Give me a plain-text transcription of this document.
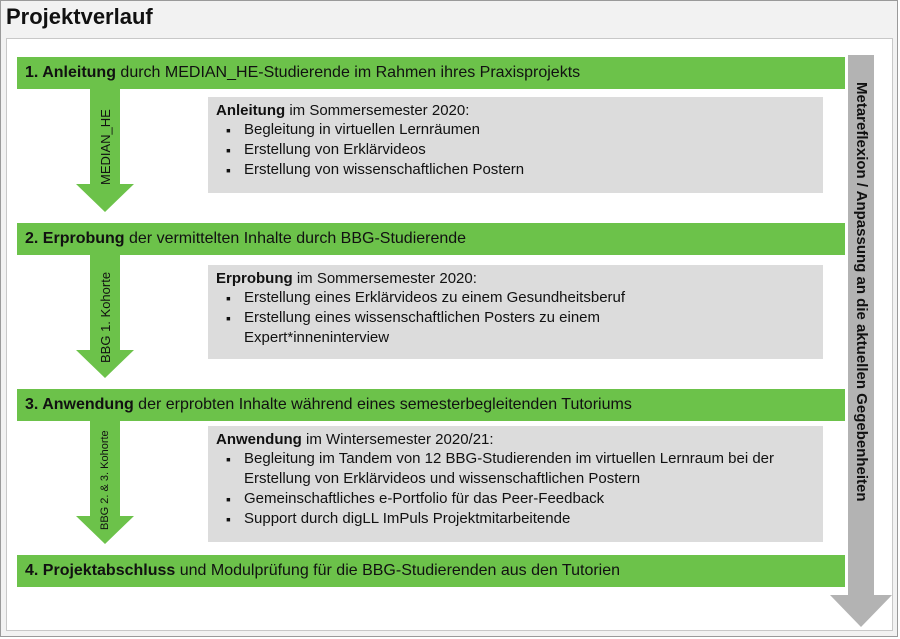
Projektverlauf
Metareflexion / Anpassung an die aktuellen Gegebenheiten
1. Anleitung durch MEDIAN_HE-Studierende im Rahmen ihres Praxisprojekts
2. Erprobung der vermittelten Inhalte durch BBG-Studierende
3. Anwendung der erprobten Inhalte während eines semesterbegleitenden Tutoriums
4. Projektabschluss und Modulprüfung für die BBG-Studierenden aus den Tutorien
MEDIAN_HE
BBG 1. Kohorte
BBG 2. & 3. Kohorte
Anleitung im Sommersemester 2020:
▪ Begleitung in virtuellen Lernräumen
▪ Erstellung von Erklärvideos
▪ Erstellung von wissenschaftlichen Postern
Erprobung im Sommersemester 2020:
▪ Erstellung eines Erklärvideos zu einem Gesundheitsberuf
▪ Erstellung eines wissenschaftlichen Posters zu einem Expert*inneninterview
Anwendung im Wintersemester 2020/21:
▪ Begleitung im Tandem von 12 BBG-Studierenden im virtuellen Lernraum bei der Erstellung von Erklärvideos und wissenschaftlichen Postern
▪ Gemeinschaftliches e-Portfolio für das Peer-Feedback
▪ Support durch digLL ImPuls Projektmitarbeitende
